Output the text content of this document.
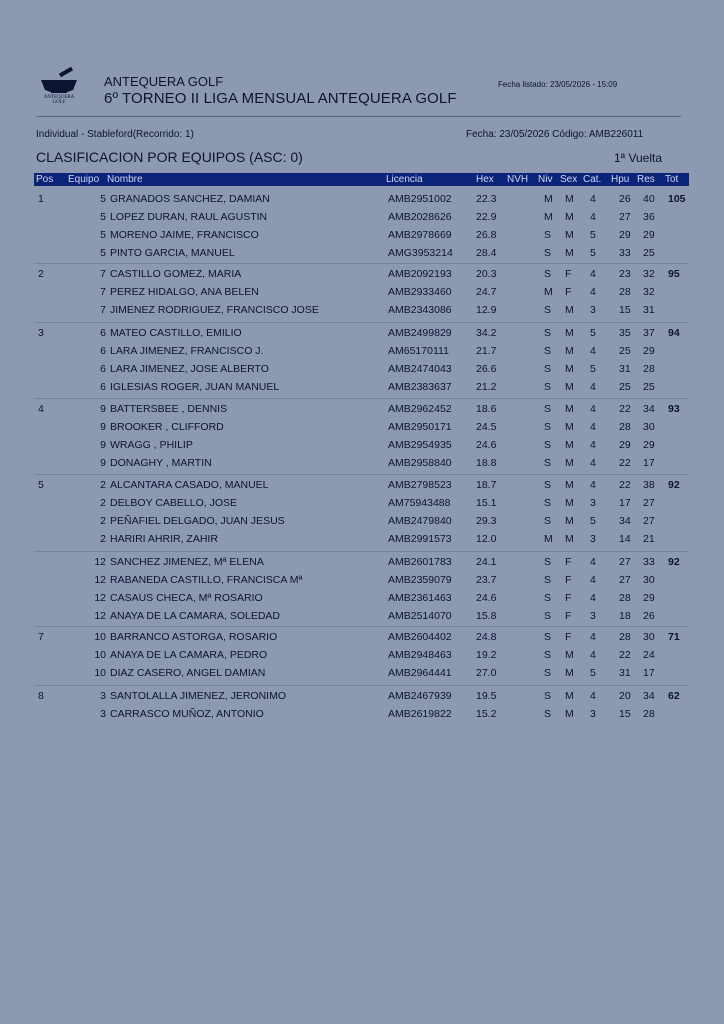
ANTEQUERA
GOLF
ANTEQUERA GOLF
6º TORNEO II LIGA MENSUAL ANTEQUERA GOLF
Fecha listado: 23/05/2026 - 15:09
Individual - Stableford(Recorrido: 1)	Fecha: 23/05/2026 Código: AMB226011
CLASIFICACION POR EQUIPOS (ASC: 0)	1ª Vuelta
Pos Equipo Nombre	Licencia	Hex NVH Niv Sex Cat. Hpu Res Tot
1	5 GRANADOS SANCHEZ, DAMIAN	AMB2951002 22.3	M M 4 26 40 105
5 LOPEZ DURAN, RAUL AGUSTIN	AMB2028626 22.9	M M 4 27 36
5 MORENO JAIME, FRANCISCO	AMB2978669 26.8	S M 5 29 29
5 PINTO GARCIA, MANUEL	AMG3953214 28.4	S M 5 33 25
2	7 CASTILLO GOMEZ, MARIA	AMB2092193 20.3	S F 4 23 32 95
7 PEREZ HIDALGO, ANA BELEN	AMB2933460 24.7	M F 4 28 32
7 JIMENEZ RODRIGUEZ, FRANCISCO JOSE	AMB2343086 12.9	S M 3 15 31
3	6 MATEO CASTILLO, EMILIO	AMB2499829 34.2	S M 5 35 37 94
6 LARA JIMENEZ, FRANCISCO J.	AM65170111	21.7	S M 4 25 29
6 LARA JIMENEZ, JOSE ALBERTO	AMB2474043 26.6	S M 5 31 28
6 IGLESIAS ROGER, JUAN MANUEL	AMB2383637 21.2	S M 4 25 25
4	9 BATTERSBEE , DENNIS	AMB2962452 18.6	S M 4 22 34 93
9 BROOKER , CLIFFORD	AMB2950171 24.5	S M 4 28 30
9 WRAGG , PHILIP	AMB2954935 24.6	S M 4 29 29
9 DONAGHY , MARTIN	AMB2958840 18.8	S M 4 22 17
5	2 ALCANTARA CASADO, MANUEL	AMB2798523 18.7	S M 4 22 38 92
2 DELBOY CABELLO, JOSE	AM75943488 15.1	S M 3 17 27
2 PEÑAFIEL DELGADO, JUAN JESUS	AMB2479840 29.3	S M 5 34 27
2 HARIRI AHRIR, ZAHIR	AMB2991573 12.0	M M 3 14 21
12 SANCHEZ JIMENEZ, Mª ELENA	AMB2601783 24.1	S F 4 27 33 92
12 RABANEDA CASTILLO, FRANCISCA Mª	AMB2359079 23.7	S F 4 27 30
12 CASAUS CHECA, Mª ROSARIO	AMB2361463 24.6	S F 4 28 29
12 ANAYA DE LA CAMARA, SOLEDAD	AMB2514070 15.8	S F 3 18 26
7	10 BARRANCO ASTORGA, ROSARIO	AMB2604402 24.8	S F 4 28 30 71
10 ANAYA DE LA CAMARA, PEDRO	AMB2948463 19.2	S M 4 22 24
10 DIAZ CASERO, ANGEL DAMIAN	AMB2964441 27.0	S M 5 31 17
8	3 SANTOLALLA JIMENEZ, JERONIMO	AMB2467939 19.5	S M 4 20 34 62
3 CARRASCO MUÑOZ, ANTONIO	AMB2619822 15.2	S M 3 15 28
